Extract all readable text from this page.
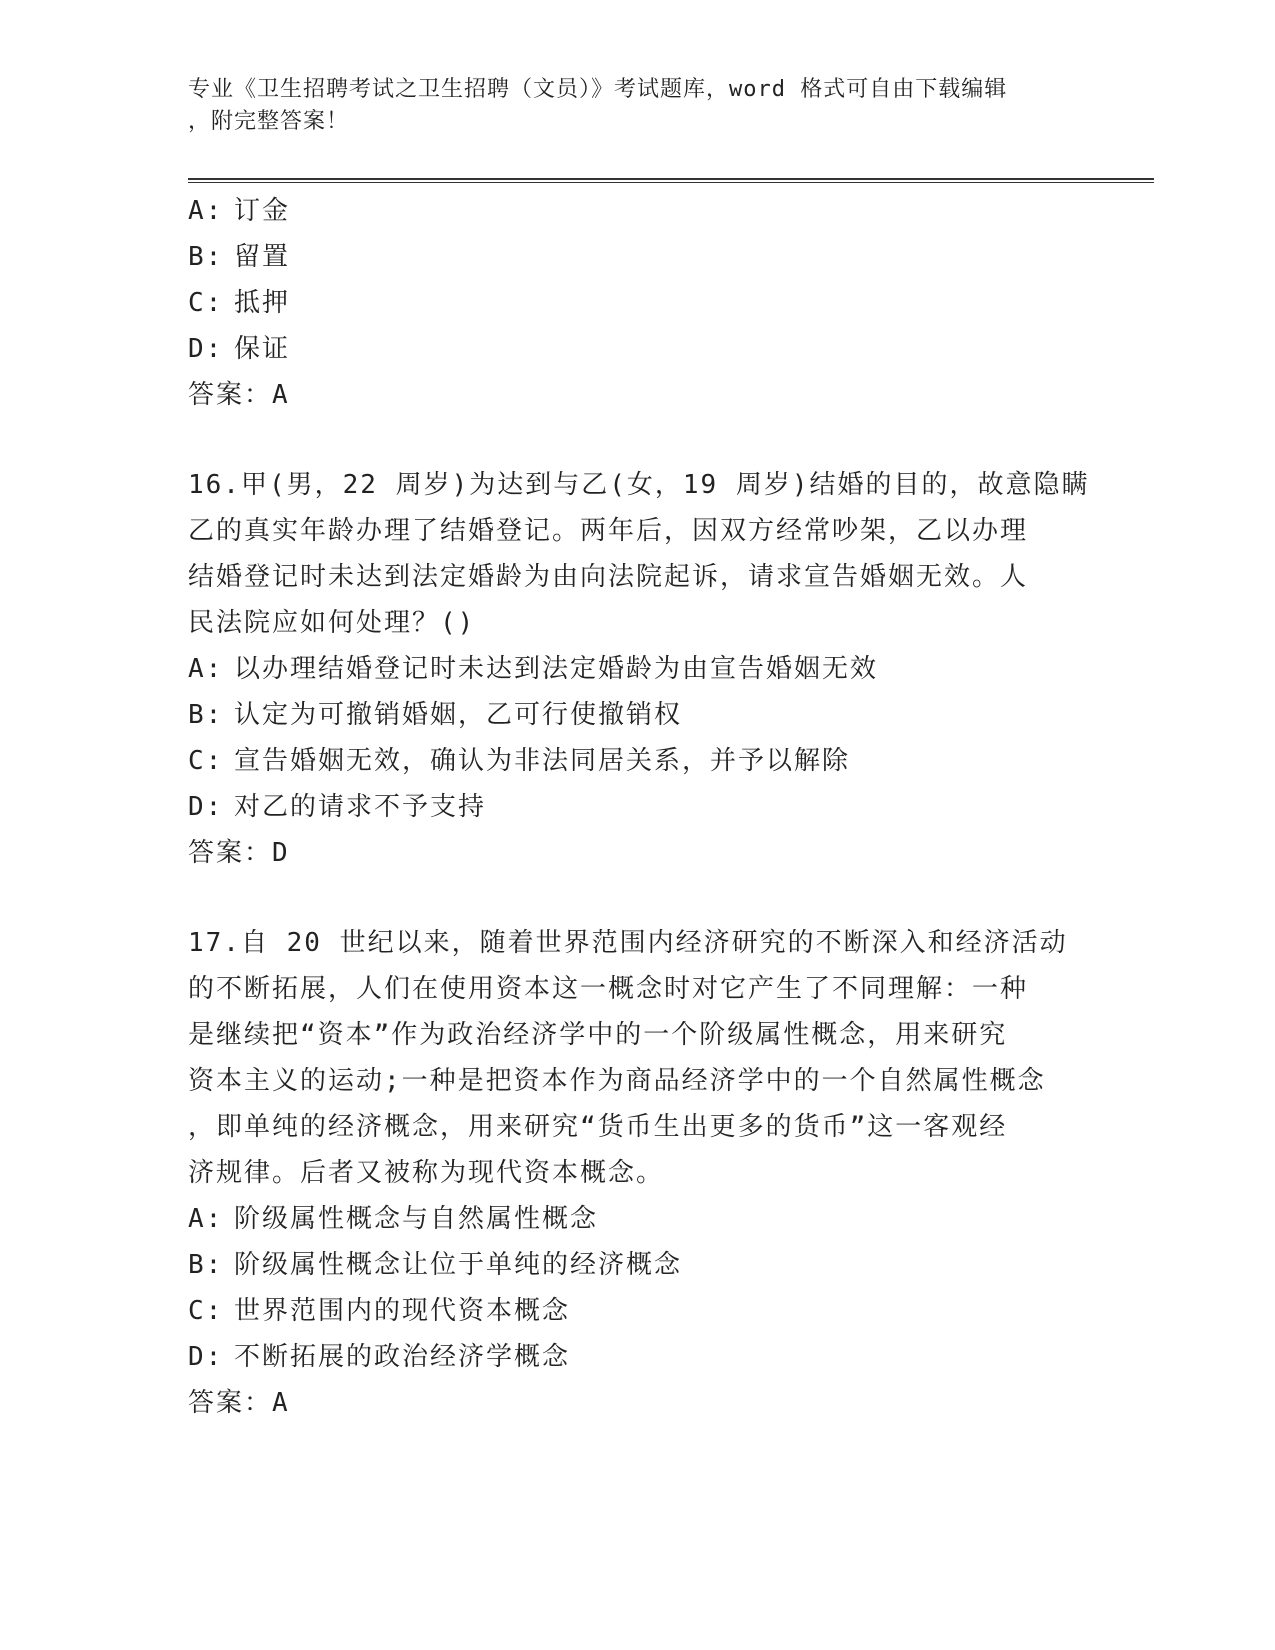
专业《卫生招聘考试之卫生招聘（文员）》考试题库，word 格式可自由下载编辑
，附完整答案！
A: 订金
B: 留置
C: 抵押
D: 保证
答案：A
16.甲(男，22 周岁)为达到与乙(女，19 周岁)结婚的目的，故意隐瞒
乙的真实年龄办理了结婚登记。两年后，因双方经常吵架，乙以办理
结婚登记时未达到法定婚龄为由向法院起诉，请求宣告婚姻无效。人
民法院应如何处理？()
A: 以办理结婚登记时未达到法定婚龄为由宣告婚姻无效
B: 认定为可撤销婚姻，乙可行使撤销权
C: 宣告婚姻无效，确认为非法同居关系，并予以解除
D: 对乙的请求不予支持
答案：D
17.自 20 世纪以来，随着世界范围内经济研究的不断深入和经济活动
的不断拓展，人们在使用资本这一概念时对它产生了不同理解：一种
是继续把“资本”作为政治经济学中的一个阶级属性概念，用来研究
资本主义的运动;一种是把资本作为商品经济学中的一个自然属性概念
，即单纯的经济概念，用来研究“货币生出更多的货币”这一客观经
济规律。后者又被称为现代资本概念。
A: 阶级属性概念与自然属性概念
B: 阶级属性概念让位于单纯的经济概念
C: 世界范围内的现代资本概念
D: 不断拓展的政治经济学概念
答案：A
